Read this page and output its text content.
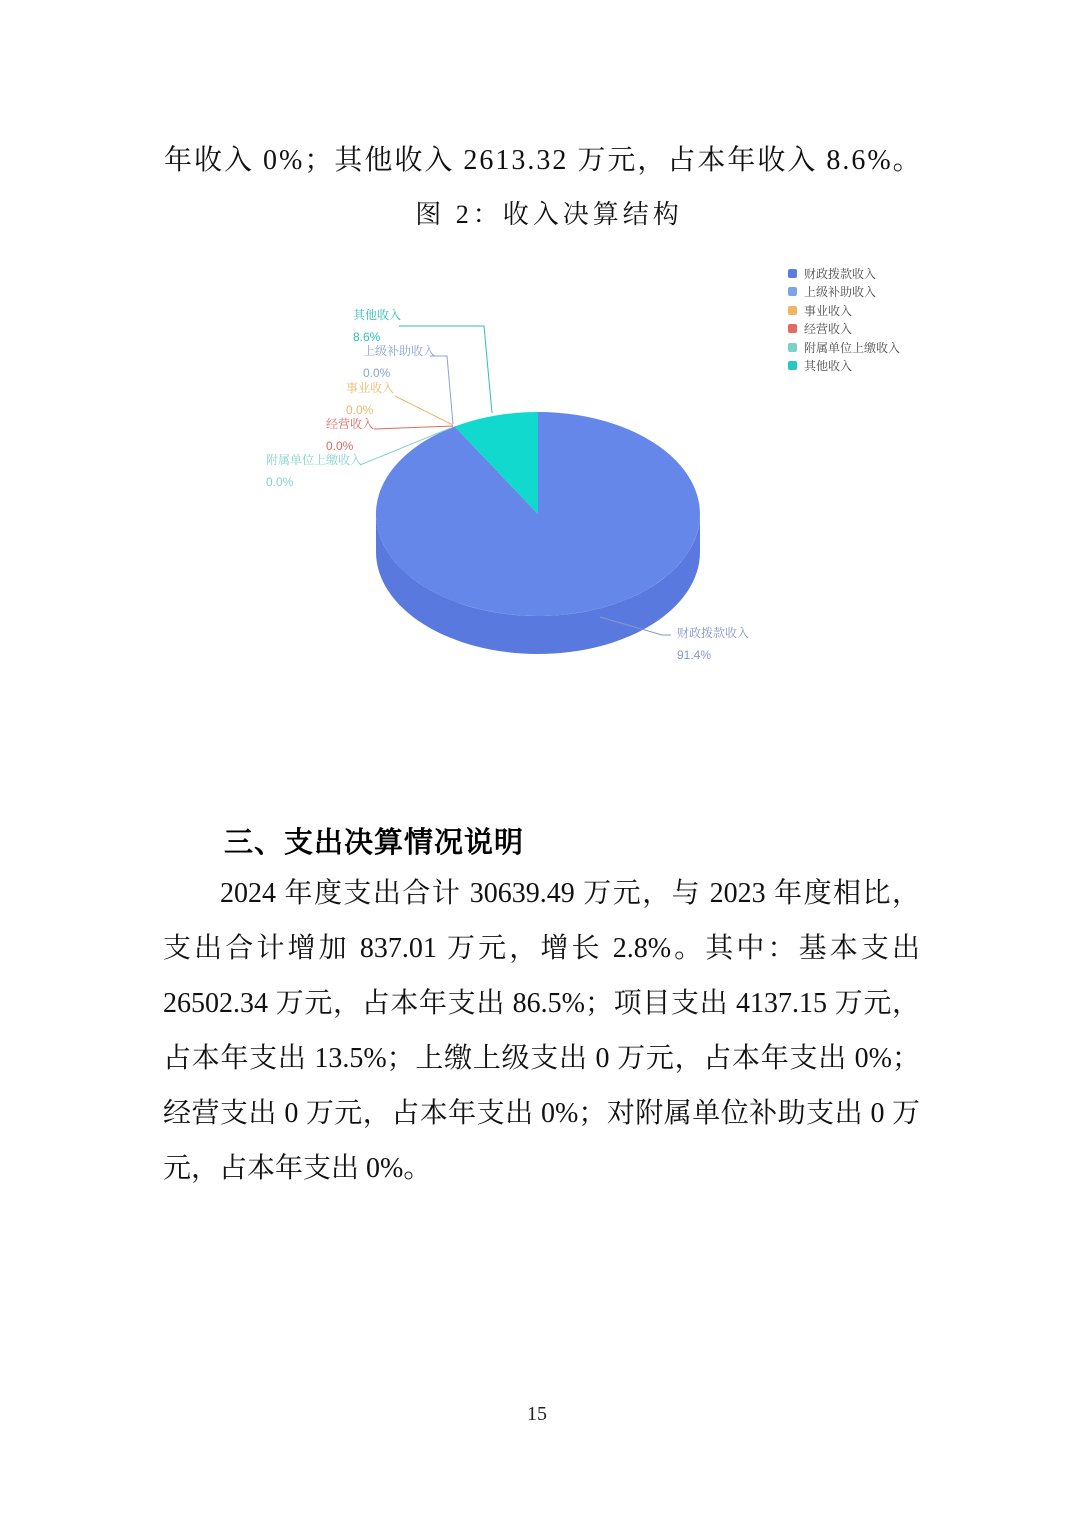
年收入 0%；其他收入 2613.32 万元，占本年收入 8.6%。
图 2：收入决算结构
财政拨款收入
上级补助收入
事业收入
经营收入
附属单位上缴收入
其他收入
其他收入
8.6%
上级补助收入
0.0%
事业收入
0.0%
经营收入
0.0%
附属单位上缴收入
0.0%
财政拨款收入
91.4%
三、支出决算情况说明
2024 年度支出合计 30639.49 万元，与 2023 年度相比，
支出合计增加 837.01 万元，增长 2.8%。其中：基本支出
26502.34 万元，占本年支出 86.5%；项目支出 4137.15 万元，
占本年支出 13.5%；上缴上级支出 0 万元，占本年支出 0%；
经营支出 0 万元，占本年支出 0%；对附属单位补助支出 0 万
元，占本年支出 0%。
15
